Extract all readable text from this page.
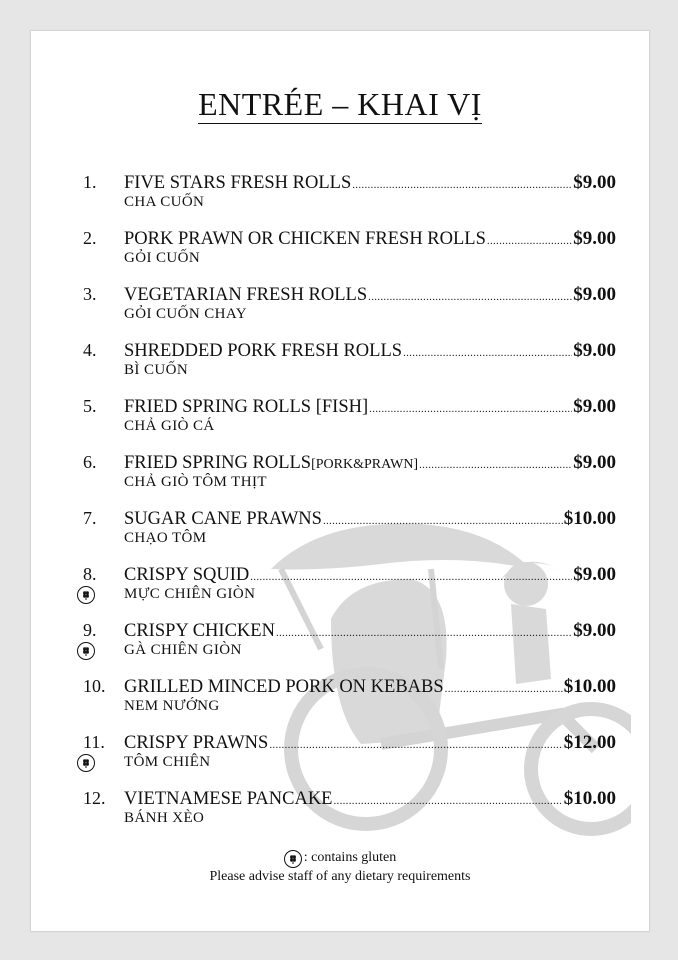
ENTRÉE – KHAI VỊ
1. FIVE STARS FRESH ROLLS .....	$9.00
CHA CUỐN
2. PORK PRAWN OR CHICKEN FRESH ROLLS .....	$9.00
GỎI CUỐN
3. VEGETARIAN FRESH ROLLS .....	$9.00
GỎI CUỐN CHAY
4. SHREDDED PORK FRESH ROLLS .....	$9.00
BÌ CUỐN
5. FRIED SPRING ROLLS [FISH] .....	$9.00
CHẢ GIÒ CÁ
6. FRIED SPRING ROLLS [PORK&PRAWN] .....	$9.00
CHẢ GIÒ TÔM THỊT
7. SUGAR CANE PRAWNS .....	$10.00
CHẠO TÔM
8. CRISPY SQUID .....	$9.00
MỰC CHIÊN GIÒN
9. CRISPY CHICKEN .....	$9.00
GÀ CHIÊN GIÒN
10. GRILLED MINCED PORK ON KEBABS .....	$10.00
NEM NƯỚNG
11. CRISPY PRAWNS .....	$12.00
TÔM CHIÊN
12. VIETNAMESE PANCAKE .....	$10.00
BÁNH XÈO
: contains gluten
Please advise staff of any dietary requirements
